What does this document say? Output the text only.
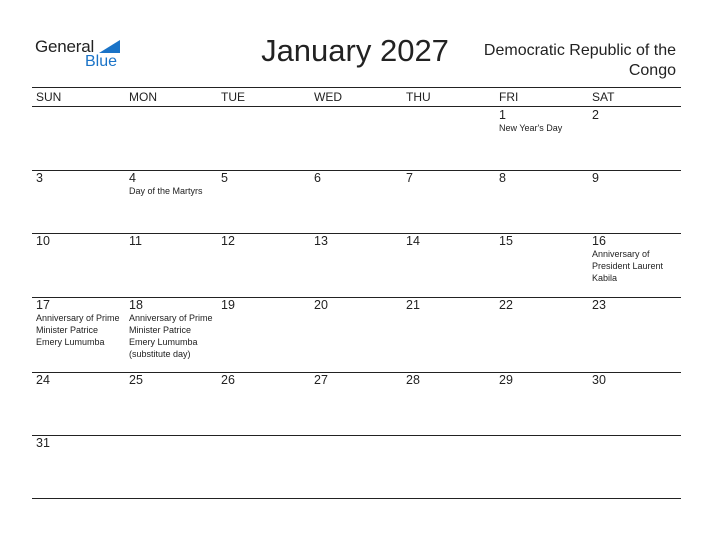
General
Blue	January 2027	Democratic Republic of the Congo
SUN	MON	TUE	WED	THU	FRI	SAT
1
New Year's Day
2
3	4
Day of the Martyrs
5	6	7	8	9
10	11	12	13	14	15	16
Anniversary of President Laurent Kabila
17
Anniversary of Prime Minister Patrice Emery Lumumba
18
Anniversary of Prime Minister Patrice Emery Lumumba (substitute day)
19	20	21	22	23
24	25	26	27	28	29	30
31
